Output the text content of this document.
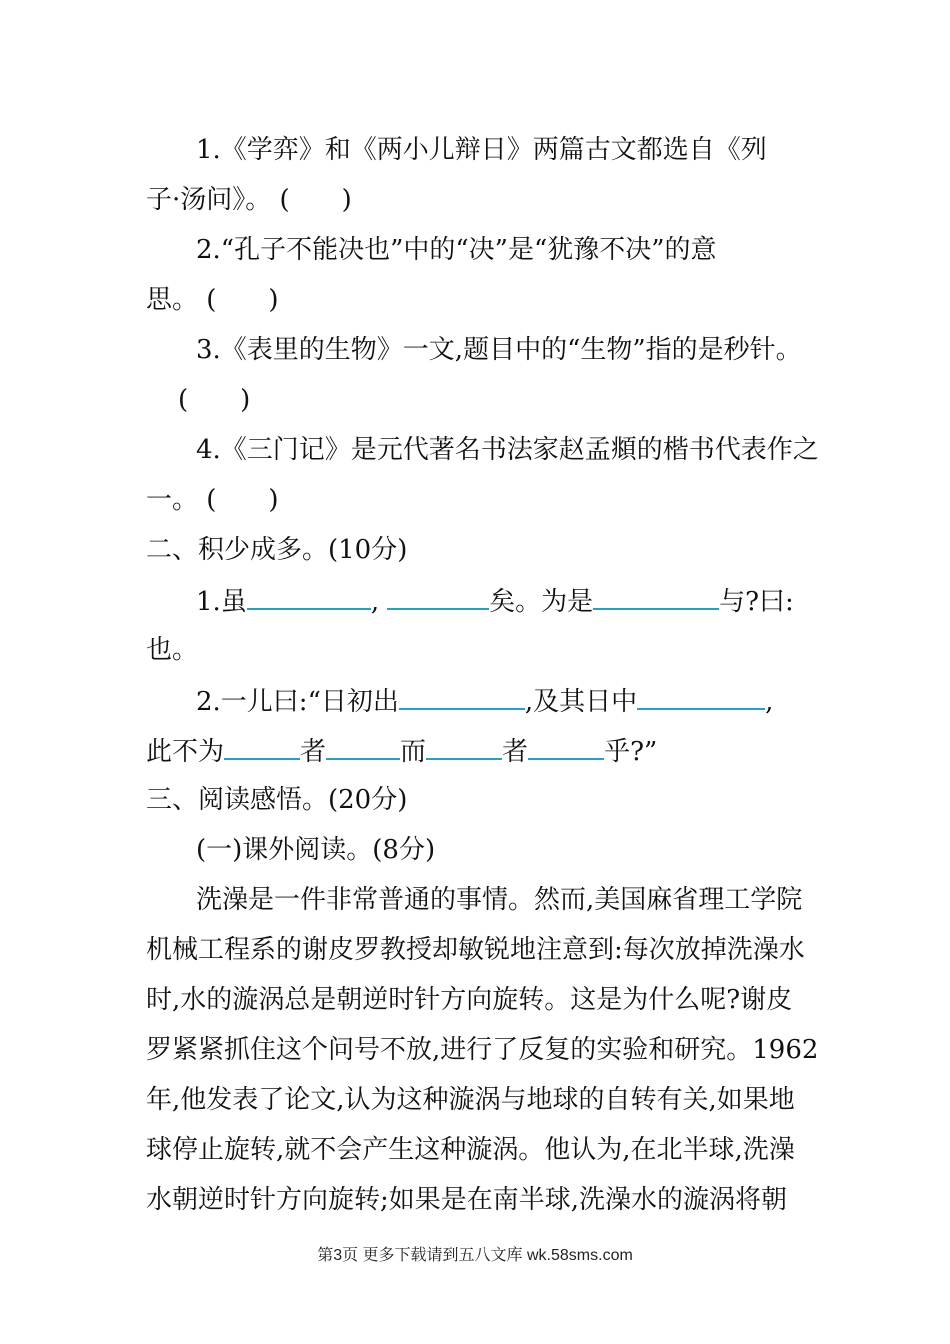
1.《学弈》和《两小儿辩日》两篇古文都选自《列
子·汤问》。 (　　)
2.“孔子不能决也”中的“决”是“犹豫不决”的意
思。 (　　)
3.《表里的生物》一文,题目中的“生物”指的是秒针。
(　　)
4.《三门记》是元代著名书法家赵孟頫的楷书代表作之
一。 (　　)
二、积少成多。(10分)
1.虽	,	矣。为是	与?曰:
也。
2.一儿曰:“日初出	,及其日中	,
此不为	者	而	者	乎?”
三、阅读感悟。(20分)
(一)课外阅读。(8分)
洗澡是一件非常普通的事情。然而,美国麻省理工学院
机械工程系的谢皮罗教授却敏锐地注意到:每次放掉洗澡水
时,水的漩涡总是朝逆时针方向旋转。这是为什么呢?谢皮
罗紧紧抓住这个问号不放,进行了反复的实验和研究。1962
年,他发表了论文,认为这种漩涡与地球的自转有关,如果地
球停止旋转,就不会产生这种漩涡。他认为,在北半球,洗澡
水朝逆时针方向旋转;如果是在南半球,洗澡水的漩涡将朝
第3页 更多下载请到五八文库 wk.58sms.com
